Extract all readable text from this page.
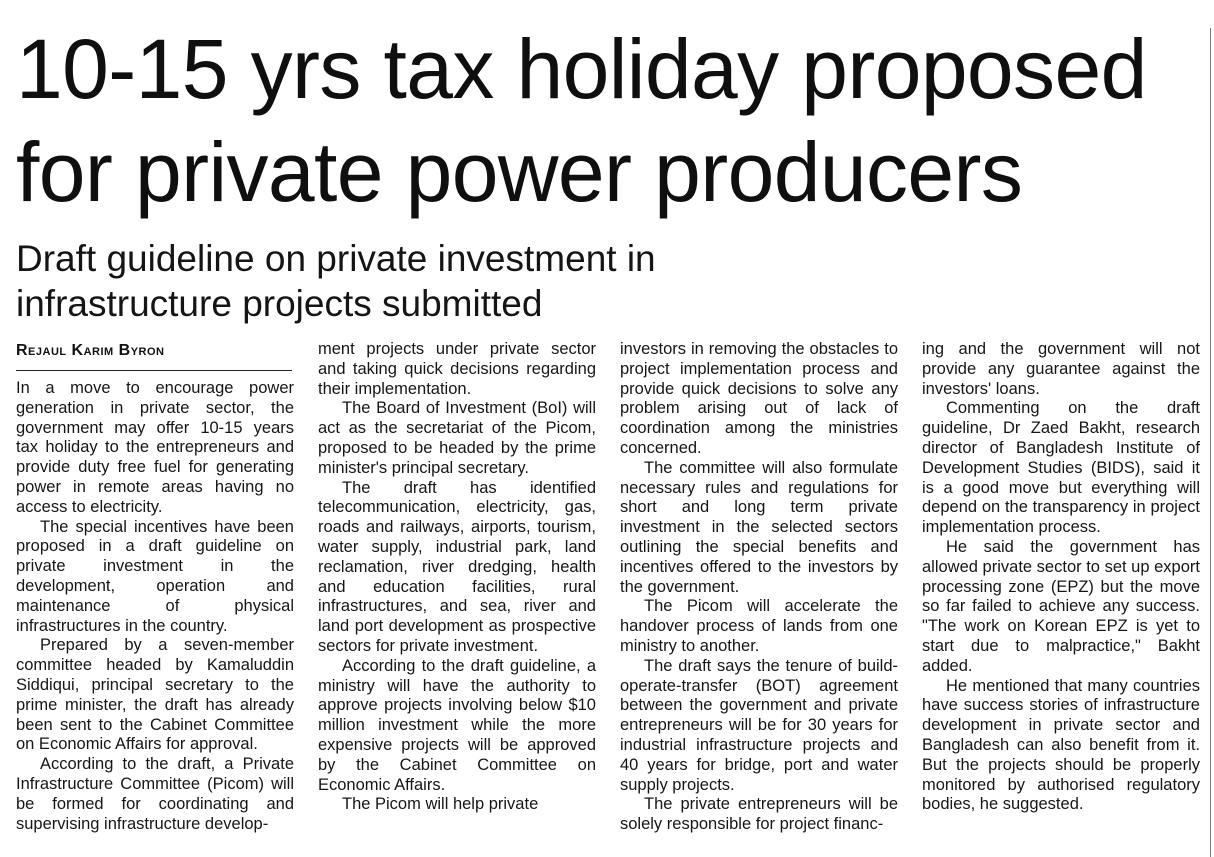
10-15 yrs tax holiday proposed
for private power producers
Draft guideline on private investment in
infrastructure projects submitted
Rejaul Karim Byron

In a move to encourage power generation in private sector, the government may offer 10-15 years tax holiday to the entrepreneurs and provide duty free fuel for generating power in remote areas having no access to electricity.

The special incentives have been proposed in a draft guideline on private investment in the development, operation and maintenance of physical infrastructures in the country.

Prepared by a seven-member committee headed by Kamaluddin Siddiqui, principal secretary to the prime minister, the draft has already been sent to the Cabinet Committee on Economic Affairs for approval.

According to the draft, a Private Infrastructure Committee (Picom) will be formed for coordinating and supervising infrastructure develop-

ment projects under private sector and taking quick decisions regarding their implementation.

The Board of Investment (BoI) will act as the secretariat of the Picom, proposed to be headed by the prime minister's principal secretary.

The draft has identified telecommunication, electricity, gas, roads and railways, airports, tourism, water supply, industrial park, land reclamation, river dredging, health and education facilities, rural infrastructures, and sea, river and land port development as prospective sectors for private investment.

According to the draft guideline, a ministry will have the authority to approve projects involving below $10 million investment while the more expensive projects will be approved by the Cabinet Committee on Economic Affairs.

The Picom will help private

investors in removing the obstacles to project implementation process and provide quick decisions to solve any problem arising out of lack of coordination among the ministries concerned.

The committee will also formulate necessary rules and regulations for short and long term private investment in the selected sectors outlining the special benefits and incentives offered to the investors by the government.

The Picom will accelerate the handover process of lands from one ministry to another.

The draft says the tenure of build-operate-transfer (BOT) agreement between the government and private entrepreneurs will be for 30 years for industrial infrastructure projects and 40 years for bridge, port and water supply projects.

The private entrepreneurs will be solely responsible for project financ-

ing and the government will not provide any guarantee against the investors' loans.

Commenting on the draft guideline, Dr Zaed Bakht, research director of Bangladesh Institute of Development Studies (BIDS), said it is a good move but everything will depend on the transparency in project implementation process.

He said the government has allowed private sector to set up export processing zone (EPZ) but the move so far failed to achieve any success. "The work on Korean EPZ is yet to start due to malpractice," Bakht added.

He mentioned that many countries have success stories of infrastructure development in private sector and Bangladesh can also benefit from it. But the projects should be properly monitored by authorised regulatory bodies, he suggested.
